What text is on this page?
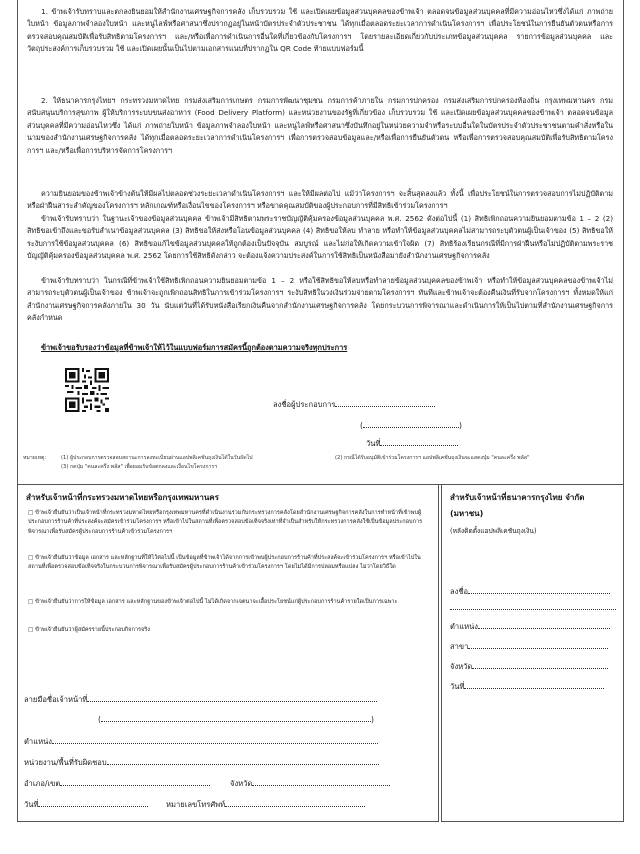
1. ข้าพเจ้ารับทราบและตกลงยินยอมให้สำนักงานเศรษฐกิจการคลัง เก็บรวบรวม ใช้ และเปิดเผยข้อมูลส่วนบุคคลของข้าพเจ้า ตลอดจนข้อมูลส่วนบุคคลที่มีความอ่อนไหวซึ่งได้แก่ ภาพถ่ายใบหน้า ข้อมูลภาพจำลองใบหน้า และหนูไลฟ์หรือศาสนาซึ่งปรากฏอยู่ในหน้าบัตรประจำตัวประชาชน ได้ทุกเมื่อตลอดระยะเวลาการดำเนินโครงการฯ เพื่อประโยชน์ในการยืนยันตัวตนหรือการตรวจสอบคุณสมบัติเพื่อรับสิทธิตามโครงการฯ และ/หรือเพื่อการดำเนินการอื่นใดที่เกี่ยวข้องกับโครงการฯ โดยรายละเอียดเกี่ยวกับประเภทข้อมูลส่วนบุคคล รายการข้อมูลส่วนบุคคล และวัตถุประสงค์การเก็บรวบรวม ใช้ และเปิดเผยนั้นเป็นไปตามเอกสารแนบที่ปรากฏใน QR Code ท้ายแบบฟอร์มนี้

2. ให้ธนาคารกรุงไทยฯ กระทรวงมหาดไทย กรมส่งเสริมการเกษตร กรมการพัฒนาชุมชน กรมการค้าภายใน กรมการปกครอง กรมส่งเสริมการปกครองท้องถิ่น กรุงเทพมหานคร กรมสนับสนุนบริการสุขภาพ ผู้ให้บริการระบบขนส่งอาหาร (Food Delivery Platform) และหน่วยงานของรัฐที่เกี่ยวข้อง เก็บรวบรวม ใช้ และเปิดเผยข้อมูลส่วนบุคคลของข้าพเจ้า ตลอดจนข้อมูลส่วนบุคคลที่มีความอ่อนไหวซึ่ง ได้แก่ ภาพถ่ายใบหน้า ข้อมูลภาพจำลองใบหน้า และหนูไลฟ์หรือศาสนาซึ่งบันทึกอยู่ในหน่วยความจำหรือระบบอื่นใดในบัตรประจำตัวประชาชนตามคำสั่งหรือในนามของสำนักงานเศรษฐกิจการคลัง ได้ทุกเมื่อตลอดระยะเวลาการดำเนินโครงการฯ เพื่อการตรวจสอบข้อมูลและ/หรือเพื่อการยืนยันตัวตน หรือเพื่อการตรวจสอบคุณสมบัติเพื่อรับสิทธิตามโครงการฯ และ/หรือเพื่อการบริหารจัดการโครงการฯ

ความยินยอมของข้าพเจ้าข้างต้นให้มีผลไปตลอดช่วงระยะเวลาดำเนินโครงการฯ และให้มีผลต่อไป แม้ว่าโครงการฯ จะสิ้นสุดลงแล้ว ทั้งนี้ เพื่อประโยชน์ในการตรวจสอบการไม่ปฏิบัติตามหรือฝ่าฝืนสาระสำคัญของโครงการฯ หลักเกณฑ์หรือเงื่อนไขของโครงการฯ หรือขาดคุณสมบัติของผู้ประกอบการที่มีสิทธิเข้าร่วมโครงการฯ

ข้าพเจ้ารับทราบว่า ในฐานะเจ้าของข้อมูลส่วนบุคคล ข้าพเจ้ามีสิทธิตามพระราชบัญญัติคุ้มครองข้อมูลส่วนบุคคล พ.ศ. 2562 ดังต่อไปนี้ (1) สิทธิเพิกถอนความยินยอมตามข้อ 1 – 2 (2) สิทธิขอเข้าถึงและขอรับสำเนาข้อมูลส่วนบุคคล (3) สิทธิขอให้ส่งหรือโอนข้อมูลส่วนบุคคล (4) สิทธิขอให้ลบ ทำลาย หรือทำให้ข้อมูลส่วนบุคคลไม่สามารถระบุตัวตนผู้เป็นเจ้าของ (5) สิทธิขอให้ระงับการใช้ข้อมูลส่วนบุคคล (6) สิทธิขอแก้ไขข้อมูลส่วนบุคคลให้ถูกต้องเป็นปัจจุบัน สมบูรณ์ และไม่ก่อให้เกิดความเข้าใจผิด (7) สิทธิร้องเรียนกรณีที่มีการฝ่าฝืนหรือไม่ปฏิบัติตามพระราชบัญญัติคุ้มครองข้อมูลส่วนบุคคล พ.ศ. 2562 โดยการใช้สิทธิดังกล่าว จะต้องแจ้งความประสงค์ในการใช้สิทธิเป็นหนังสือมายังสำนักงานเศรษฐกิจการคลัง

ข้าพเจ้ารับทราบว่า ในกรณีที่ข้าพเจ้าใช้สิทธิเพิกถอนความยินยอมตามข้อ 1 – 2 หรือใช้สิทธิขอให้ลบหรือทำลายข้อมูลส่วนบุคคลของข้าพเจ้า หรือทำให้ข้อมูลส่วนบุคคลของข้าพเจ้าไม่สามารถระบุตัวตนผู้เป็นเจ้าของ ข้าพเจ้าจะถูกเพิกถอนสิทธิในการเข้าร่วมโครงการฯ ระงับสิทธิในวงเงินร่วมจ่ายตามโครงการฯ ทันทีและข้าพเจ้าจะต้องคืนเงินที่รับจากโครงการฯ ทั้งหมดให้แก่สำนักงานเศรษฐกิจการคลังภายใน 30 วัน นับแต่วันที่ได้รับหนังสือเรียกเงินคืนจากสำนักงานเศรษฐกิจการคลัง โดยกระบวนการพิจารณาและดำเนินการให้เป็นไปตามที่สำนักงานเศรษฐกิจการคลังกำหนด

ข้าพเจ้าขอรับรองว่าข้อมูลที่ข้าพเจ้าให้ไว้ในแบบฟอร์มการสมัครนี้ถูกต้องตามความจริงทุกประการ

ลงชื่อผู้ประกอบการ
(	)
วันที่
หมายเหตุ:	(1) ผู้ประกอบการตรวจสอบสถานะการลงทะเบียนผ่านแอปพลิเคชันถุงเงินได้ในวันถัดไป	(2) กรณีได้รับอนุมัติเข้าร่วมโครงการฯ แอปพลิเคชันถุงเงินจะแสดงปุ่ม "คนละครึ่ง พลัส"
(3) กดปุ่ม "คนละครึ่ง พลัส" เพื่อยอมรับข้อตกลงและเงื่อนไขโครงการฯ

สำหรับเจ้าหน้าที่กระทรวงมหาดไทยหรือกรุงเทพมหานคร

□ ข้าพเจ้ายืนยันว่าเป็นเจ้าหน้าที่กระทรวงมหาดไทยหรือกรุงเทพมหานครที่ดำเนินงานร่วมกับกระทรวงการคลังโดยสำนักงานเศรษฐกิจการคลังในการทำหน้าที่เข้าพบผู้ประกอบการร้านค้าที่ประสงค์จะสมัครเข้าร่วมโครงการฯ หรือเข้าไปในสถานที่เพื่อตรวจสอบข้อเท็จจริงเท่าที่จำเป็นสำหรับให้กระทรวงการคลังใช้เป็นข้อมูลประกอบการพิจารณาเพื่อรับสมัครผู้ประกอบการร้านค้าเข้าร่วมโครงการฯ
□ ข้าพเจ้ายืนยันว่าข้อมูล เอกสาร และหลักฐานที่ให้ไว้ต่อไปนี้ เป็นข้อมูลที่ข้าพเจ้าได้จากการเข้าพบผู้ประกอบการร้านค้าที่ประสงค์จะเข้าร่วมโครงการฯ หรือเข้าไปในสถานที่เพื่อตรวจสอบข้อเท็จจริงในกระบวนการพิจารณาเพื่อรับสมัครผู้ประกอบการร้านค้าเข้าร่วมโครงการฯ โดยไม่ได้มีการปลอมหรือแปลง ไม่ว่าโดยวิธีใด
□ ข้าพเจ้ายืนยันว่าการให้ข้อมูล เอกสาร และหลักฐานของข้าพเจ้าต่อไปนี้ ไม่ได้เกิดจากเจตนาจะเอื้อประโยชน์แก่ผู้ประกอบการร้านค้ารายใดเป็นการเฉพาะ
□ ข้าพเจ้ายืนยันว่าผู้สมัครรายนี้ประกอบกิจการจริง
ลายมือชื่อเจ้าหน้าที่
(	)
ตำแหน่ง
หน่วยงาน/พื้นที่รับผิดชอบ
อำเภอ/เขต	จังหวัด
วันที่	หมายเลขโทรศัพท์

สำหรับเจ้าหน้าที่ธนาคารกรุงไทย จำกัด

(มหาชน)

(หลังติดตั้งแอปพลิเคชันถุงเงิน)

ลงชื่อ
ตำแหน่ง
สาขา
จังหวัด
วันที่
